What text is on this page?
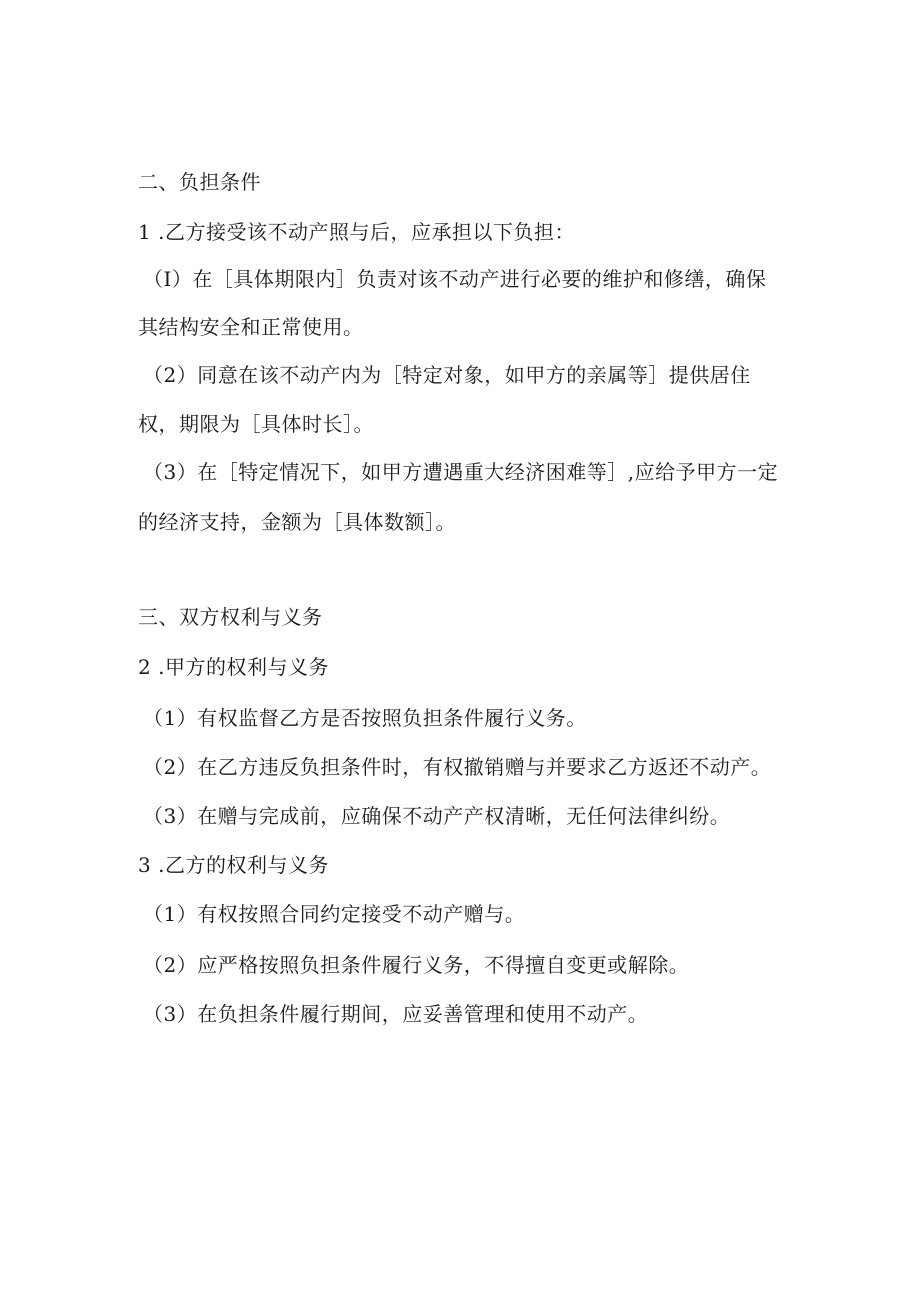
二、负担条件
1 .乙方接受该不动产照与后，应承担以下负担：
（I）在［具体期限内］负责对该不动产进行必要的维护和修缮，确保
其结构安全和正常使用。
（2）同意在该不动产内为［特定对象，如甲方的亲属等］提供居住
权，期限为［具体时长］。
（3）在［特定情况下，如甲方遭遇重大经济困难等］,应给予甲方一定
的经济支持，金额为［具体数额］。
三、双方权利与义务
2 .甲方的权利与义务
（1）有权监督乙方是否按照负担条件履行义务。
（2）在乙方违反负担条件时，有权撤销赠与并要求乙方返还不动产。
（3）在赠与完成前，应确保不动产产权清晰，无任何法律纠纷。
3 .乙方的权利与义务
（1）有权按照合同约定接受不动产赠与。
（2）应严格按照负担条件履行义务，不得擅自变更或解除。
（3）在负担条件履行期间，应妥善管理和使用不动产。
